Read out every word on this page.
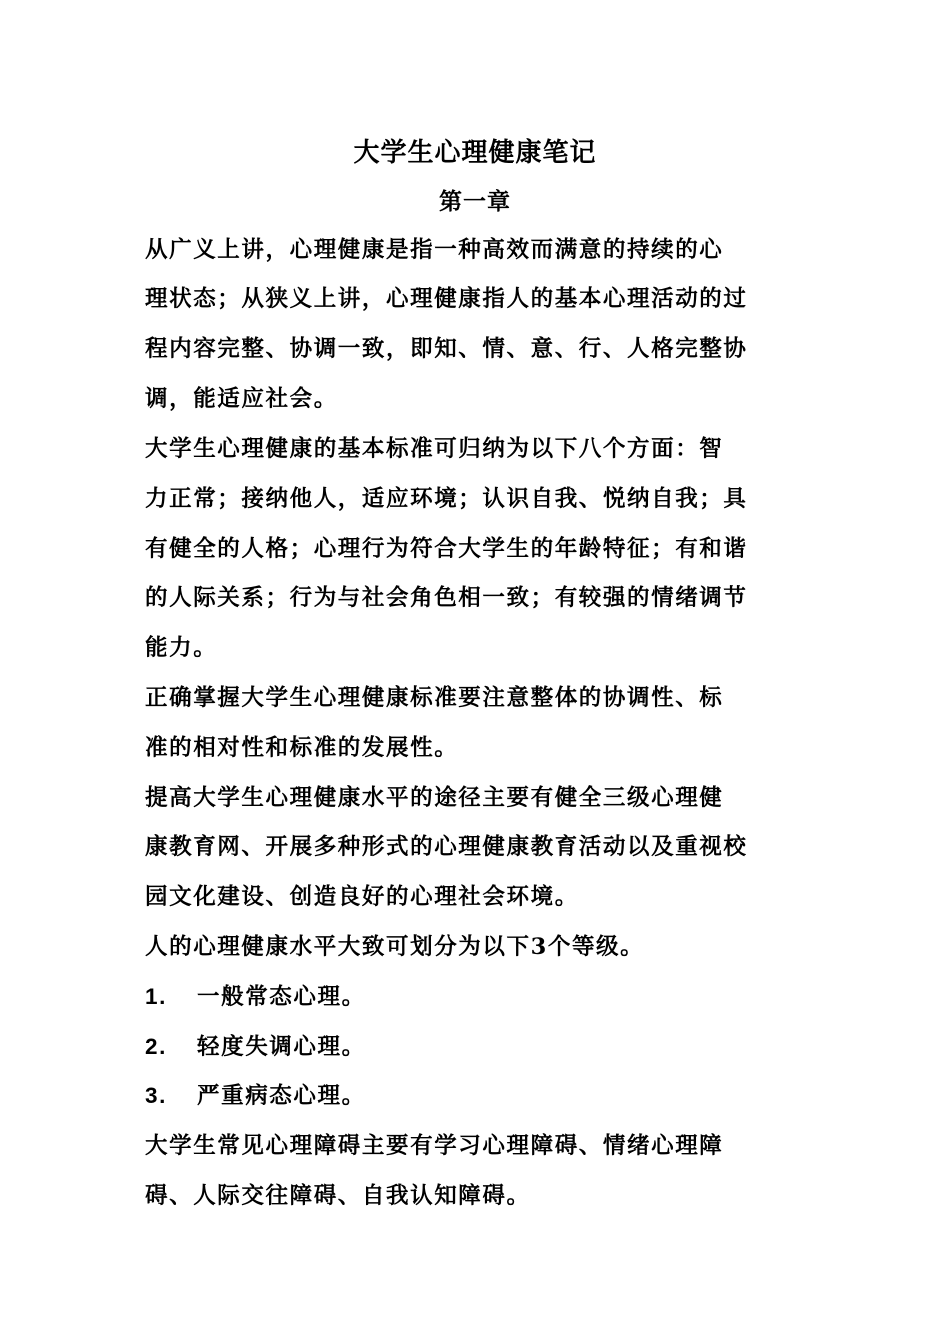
大学生心理健康笔记
第一章
从广义上讲，心理健康是指一种高效而满意的持续的心
理状态；从狭义上讲，心理健康指人的基本心理活动的过
程内容完整、协调一致，即知、情、意、行、人格完整协
调，能适应社会。
大学生心理健康的基本标准可归纳为以下八个方面：智
力正常；接纳他人，适应环境；认识自我、悦纳自我；具
有健全的人格；心理行为符合大学生的年龄特征；有和谐
的人际关系；行为与社会角色相一致；有较强的情绪调节
能力。
正确掌握大学生心理健康标准要注意整体的协调性、标
准的相对性和标准的发展性。
提高大学生心理健康水平的途径主要有健全三级心理健
康教育网、开展多种形式的心理健康教育活动以及重视校
园文化建设、创造良好的心理社会环境。
人的心理健康水平大致可划分为以下3个等级。
1. 一般常态心理。
2. 轻度失调心理。
3. 严重病态心理。
大学生常见心理障碍主要有学习心理障碍、情绪心理障
碍、人际交往障碍、自我认知障碍。
